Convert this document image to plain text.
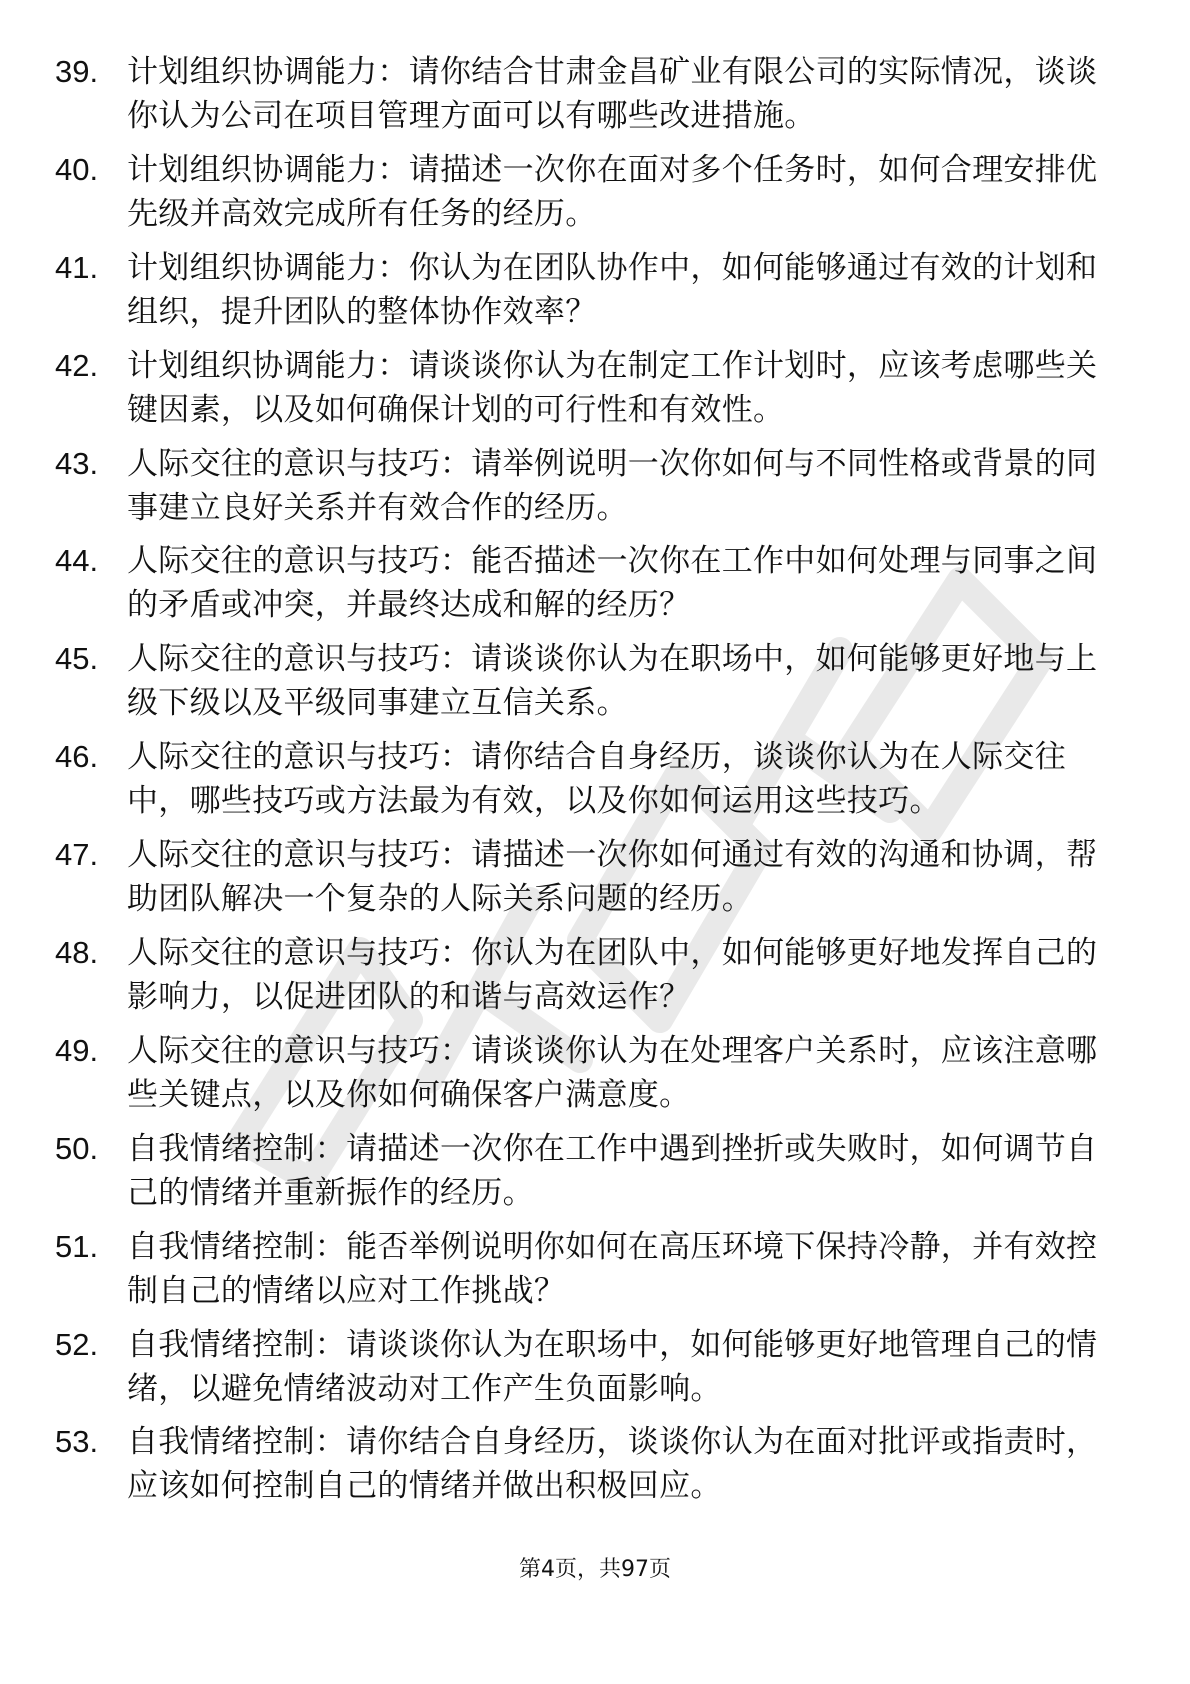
39. 计划组织协调能力：请你结合甘肃金昌矿业有限公司的实际情况，谈谈你认为公司在项目管理方面可以有哪些改进措施。
40. 计划组织协调能力：请描述一次你在面对多个任务时，如何合理安排优先级并高效完成所有任务的经历。
41. 计划组织协调能力：你认为在团队协作中，如何能够通过有效的计划和组织，提升团队的整体协作效率？
42. 计划组织协调能力：请谈谈你认为在制定工作计划时，应该考虑哪些关键因素，以及如何确保计划的可行性和有效性。
43. 人际交往的意识与技巧：请举例说明一次你如何与不同性格或背景的同事建立良好关系并有效合作的经历。
44. 人际交往的意识与技巧：能否描述一次你在工作中如何处理与同事之间的矛盾或冲突，并最终达成和解的经历？
45. 人际交往的意识与技巧：请谈谈你认为在职场中，如何能够更好地与上级下级以及平级同事建立互信关系。
46. 人际交往的意识与技巧：请你结合自身经历，谈谈你认为在人际交往中，哪些技巧或方法最为有效，以及你如何运用这些技巧。
47. 人际交往的意识与技巧：请描述一次你如何通过有效的沟通和协调，帮助团队解决一个复杂的人际关系问题的经历。
48. 人际交往的意识与技巧：你认为在团队中，如何能够更好地发挥自己的影响力，以促进团队的和谐与高效运作？
49. 人际交往的意识与技巧：请谈谈你认为在处理客户关系时，应该注意哪些关键点，以及你如何确保客户满意度。
50. 自我情绪控制：请描述一次你在工作中遇到挫折或失败时，如何调节自己的情绪并重新振作的经历。
51. 自我情绪控制：能否举例说明你如何在高压环境下保持冷静，并有效控制自己的情绪以应对工作挑战？
52. 自我情绪控制：请谈谈你认为在职场中，如何能够更好地管理自己的情绪，以避免情绪波动对工作产生负面影响。
53. 自我情绪控制：请你结合自身经历，谈谈你认为在面对批评或指责时，应该如何控制自己的情绪并做出积极回应。
第4页，共97页
